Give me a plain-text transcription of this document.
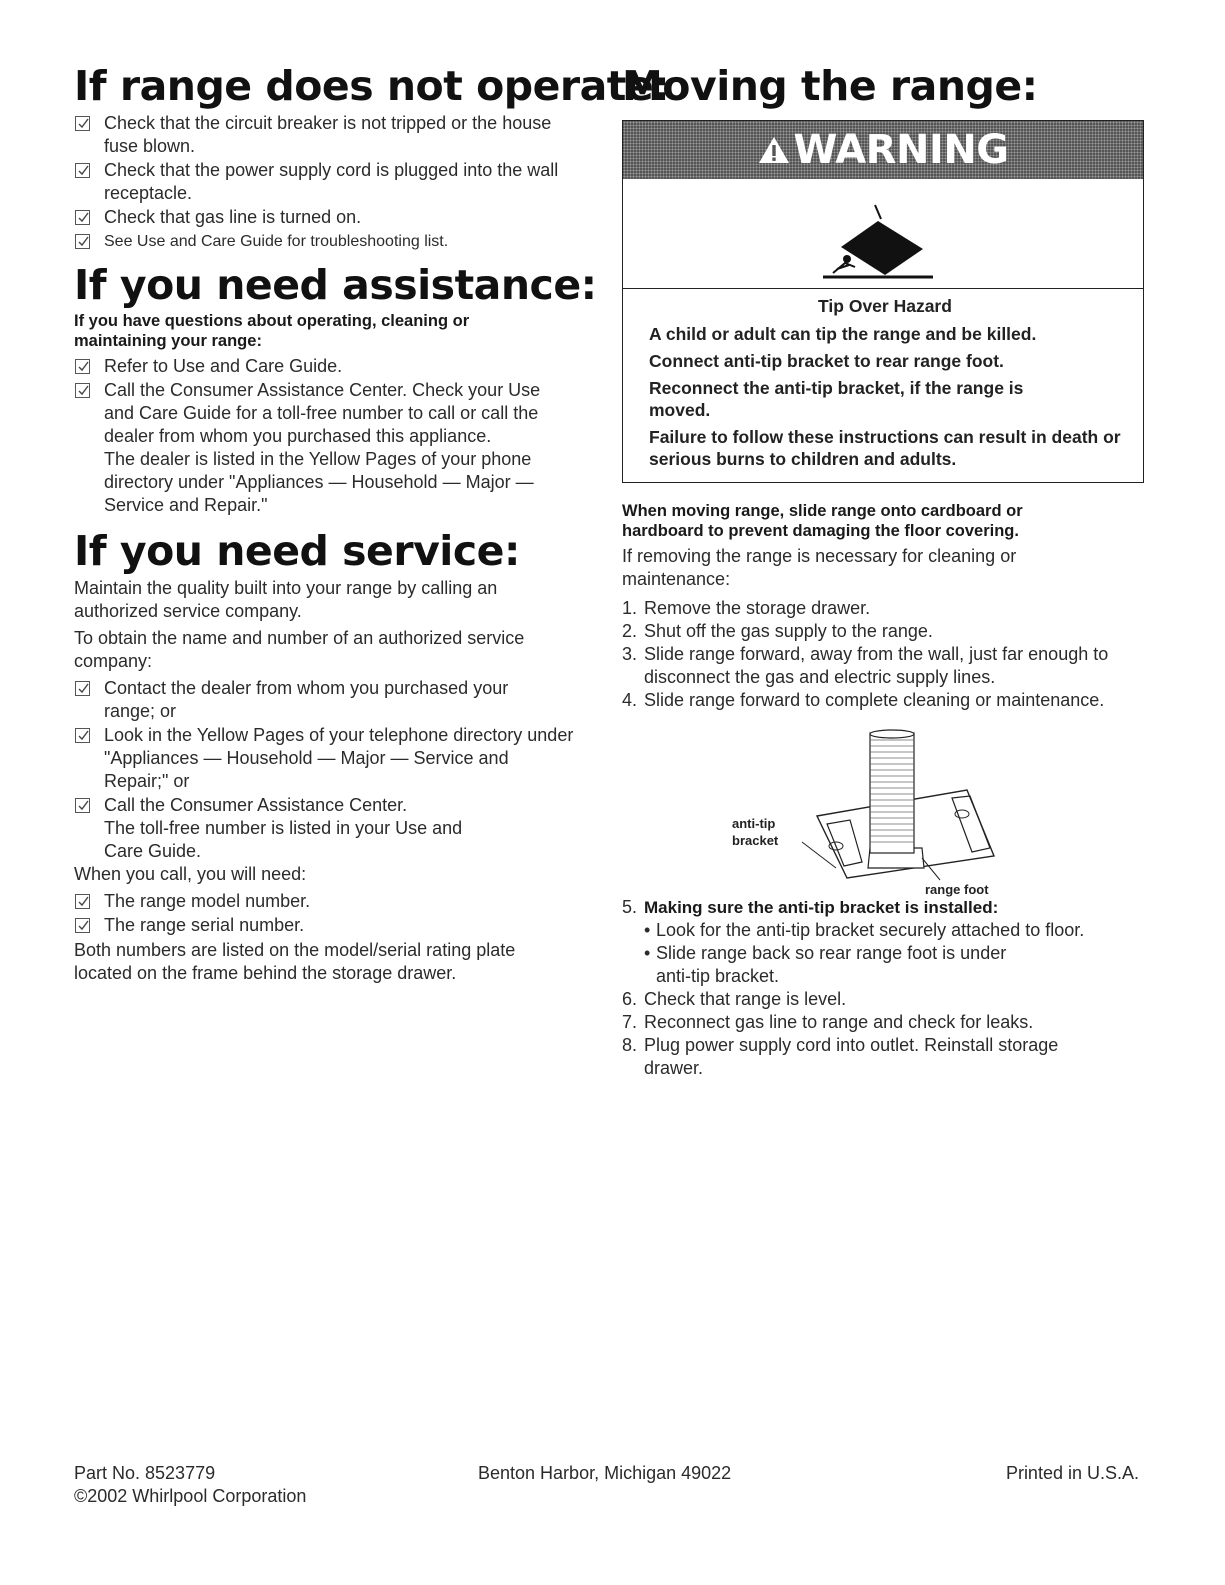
If range does not operate:
Check that the circuit breaker is not tripped or the house fuse blown.
Check that the power supply cord is plugged into the wall receptacle.
Check that gas line is turned on.
See Use and Care Guide for troubleshooting list.
If you need assistance:

If you have questions about operating, cleaning or maintaining your range:

Refer to Use and Care Guide.
Call the Consumer Assistance Center. Check your Use and Care Guide for a toll-free number to call or call the dealer from whom you purchased this appliance.

The dealer is listed in the Yellow Pages of your phone directory under "Appliances — Household — Major — Service and Repair."

If you need service:

Maintain the quality built into your range by calling an authorized service company.

To obtain the name and number of an authorized service company:

Contact the dealer from whom you purchased your range; or
Look in the Yellow Pages of your telephone directory under "Appliances — Household — Major — Service and Repair;" or
Call the Consumer Assistance Center.

The toll-free number is listed in your Use and Care Guide.

When you call, you will need:

The range model number.
The range serial number.

Both numbers are listed on the model/serial rating plate located on the frame behind the storage drawer.

Moving the range:
WARNING
Tip Over Hazard

A child or adult can tip the range and be killed.

Connect anti-tip bracket to rear range foot.

Reconnect the anti-tip bracket, if the range is moved.

Failure to follow these instructions can result in death or serious burns to children and adults.

When moving range, slide range onto cardboard or hardboard to prevent damaging the floor covering.

If removing the range is necessary for cleaning or maintenance:

1. Remove the storage drawer.
2. Shut off the gas supply to the range.
3. Slide range forward, away from the wall, just far enough to disconnect the gas and electric supply lines.
4. Slide range forward to complete cleaning or maintenance.
anti-tip
bracket
range foot
5. Making sure the anti-tip bracket is installed:
• Look for the anti-tip bracket securely attached to floor.
• Slide range back so rear range foot is under anti-tip bracket.
6. Check that range is level.
7. Reconnect gas line to range and check for leaks.
8. Plug power supply cord into outlet. Reinstall storage drawer.
Part No. 8523779
©2002 Whirlpool Corporation
Benton Harbor, Michigan 49022	Printed in U.S.A.
